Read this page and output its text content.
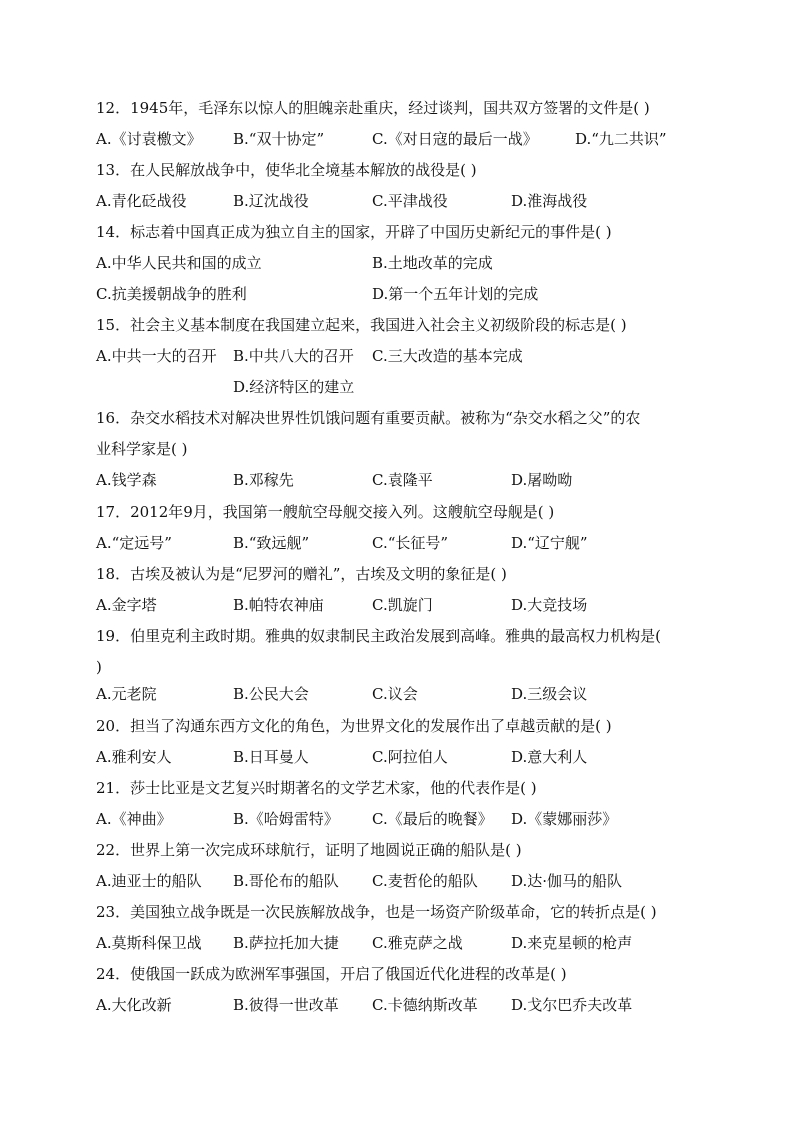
12．1945年，毛泽东以惊人的胆魄亲赴重庆，经过谈判，国共双方签署的文件是( )
A.《讨袁檄文》 B.“双十协定”	C.《对日寇的最后一战》 D.“九二共识”
13．在人民解放战争中，使华北全境基本解放的战役是( )
A.青化砭战役	B.辽沈战役	C.平津战役	D.淮海战役
14．标志着中国真正成为独立自主的国家，开辟了中国历史新纪元的事件是( )
A.中华人民共和国的成立	B.土地改革的完成
C.抗美援朝战争的胜利	D.第一个五年计划的完成
15．社会主义基本制度在我国建立起来，我国进入社会主义初级阶段的标志是( )
A.中共一大的召开 B.中共八大的召开 C.三大改造的基本完成
D.经济特区的建立
16．杂交水稻技术对解决世界性饥饿问题有重要贡献。被称为“杂交水稻之父”的农
业科学家是( )
A.钱学森	B.邓稼先	C.袁隆平	D.屠呦呦
17．2012年9月，我国第一艘航空母舰交接入列。这艘航空母舰是( )
A.“定远号”	B.“致远舰”	C.“长征号”	D.“辽宁舰”
18．古埃及被认为是“尼罗河的赠礼”，古埃及文明的象征是( )
A.金字塔	B.帕特农神庙	C.凯旋门	D.大竞技场
19．伯里克利主政时期。雅典的奴隶制民主政治发展到高峰。雅典的最高权力机构是(
)
A.元老院	B.公民大会	C.议会	D.三级会议
20．担当了沟通东西方文化的角色，为世界文化的发展作出了卓越贡献的是( )
A.雅利安人	B.日耳曼人	C.阿拉伯人	D.意大利人
21．莎士比亚是文艺复兴时期著名的文学艺术家，他的代表作是( )
A.《神曲》	B.《哈姆雷特》 C.《最后的晚餐》 D.《蒙娜丽莎》
22．世界上第一次完成环球航行，证明了地圆说正确的船队是( )
A.迪亚士的船队 B.哥伦布的船队 C.麦哲伦的船队 D.达·伽马的船队
23．美国独立战争既是一次民族解放战争，也是一场资产阶级革命，它的转折点是( )
A.莫斯科保卫战 B.萨拉托加大捷 C.雅克萨之战	D.来克星顿的枪声
24．使俄国一跃成为欧洲军事强国，开启了俄国近代化进程的改革是( )
A.大化改新	B.彼得一世改革 C.卡德纳斯改革 D.戈尔巴乔夫改革
